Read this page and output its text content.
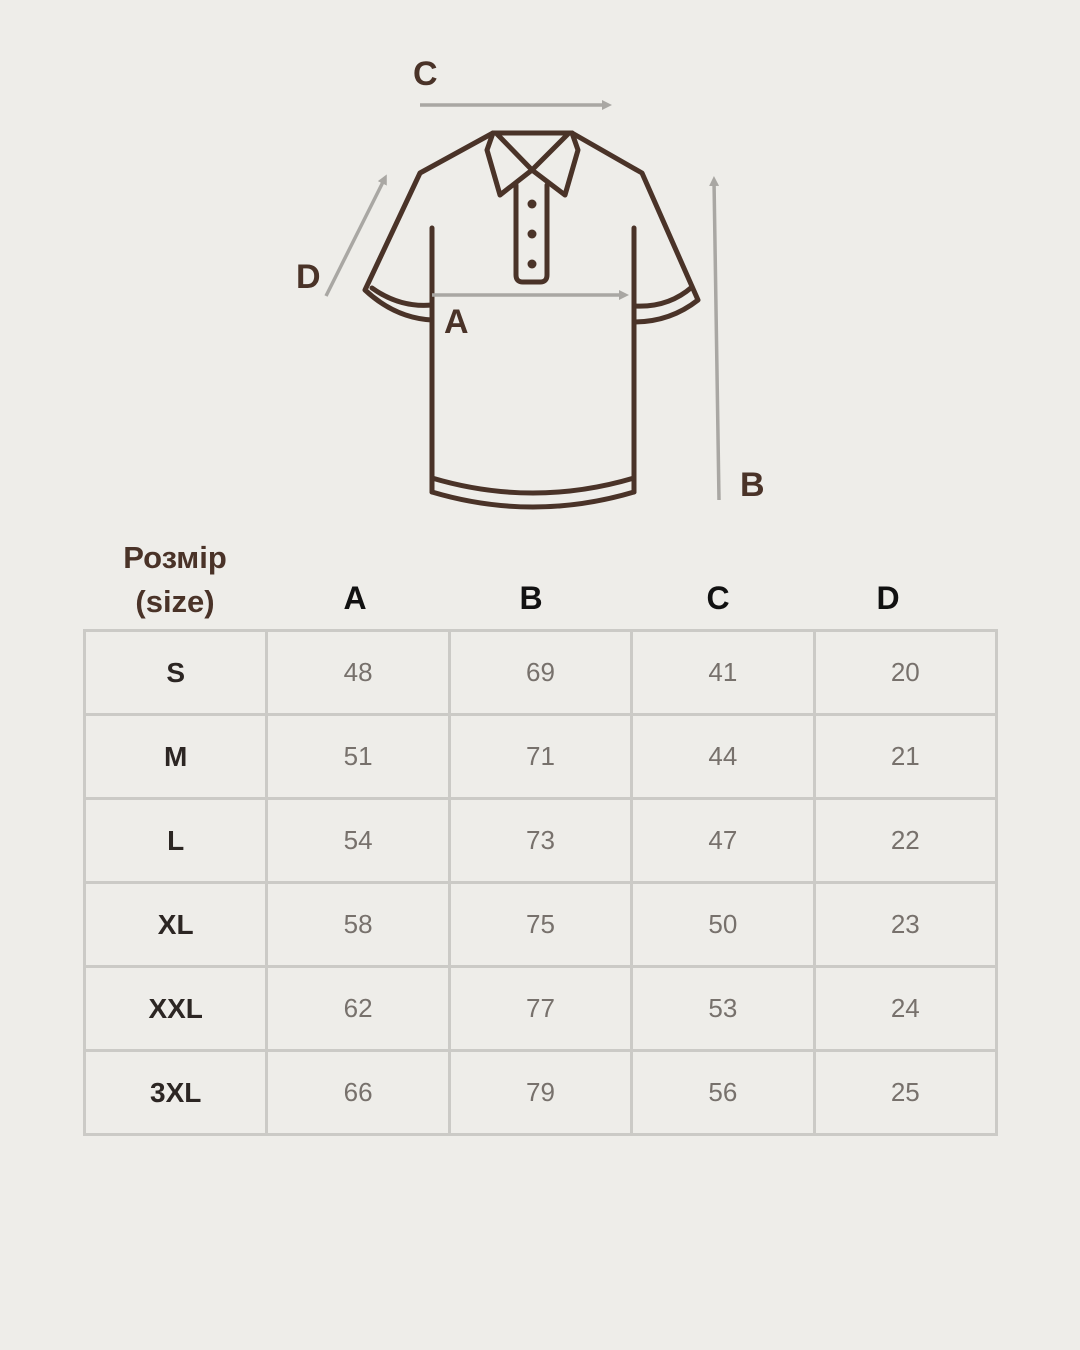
C
D
A
B
Розмір
(size)	A	B	C	D
S	48	69	41	20
M	51	71	44	21
L	54	73	47	22
XL	58	75	50	23
XXL	62	77	53	24
3XL	66	79	56	25
